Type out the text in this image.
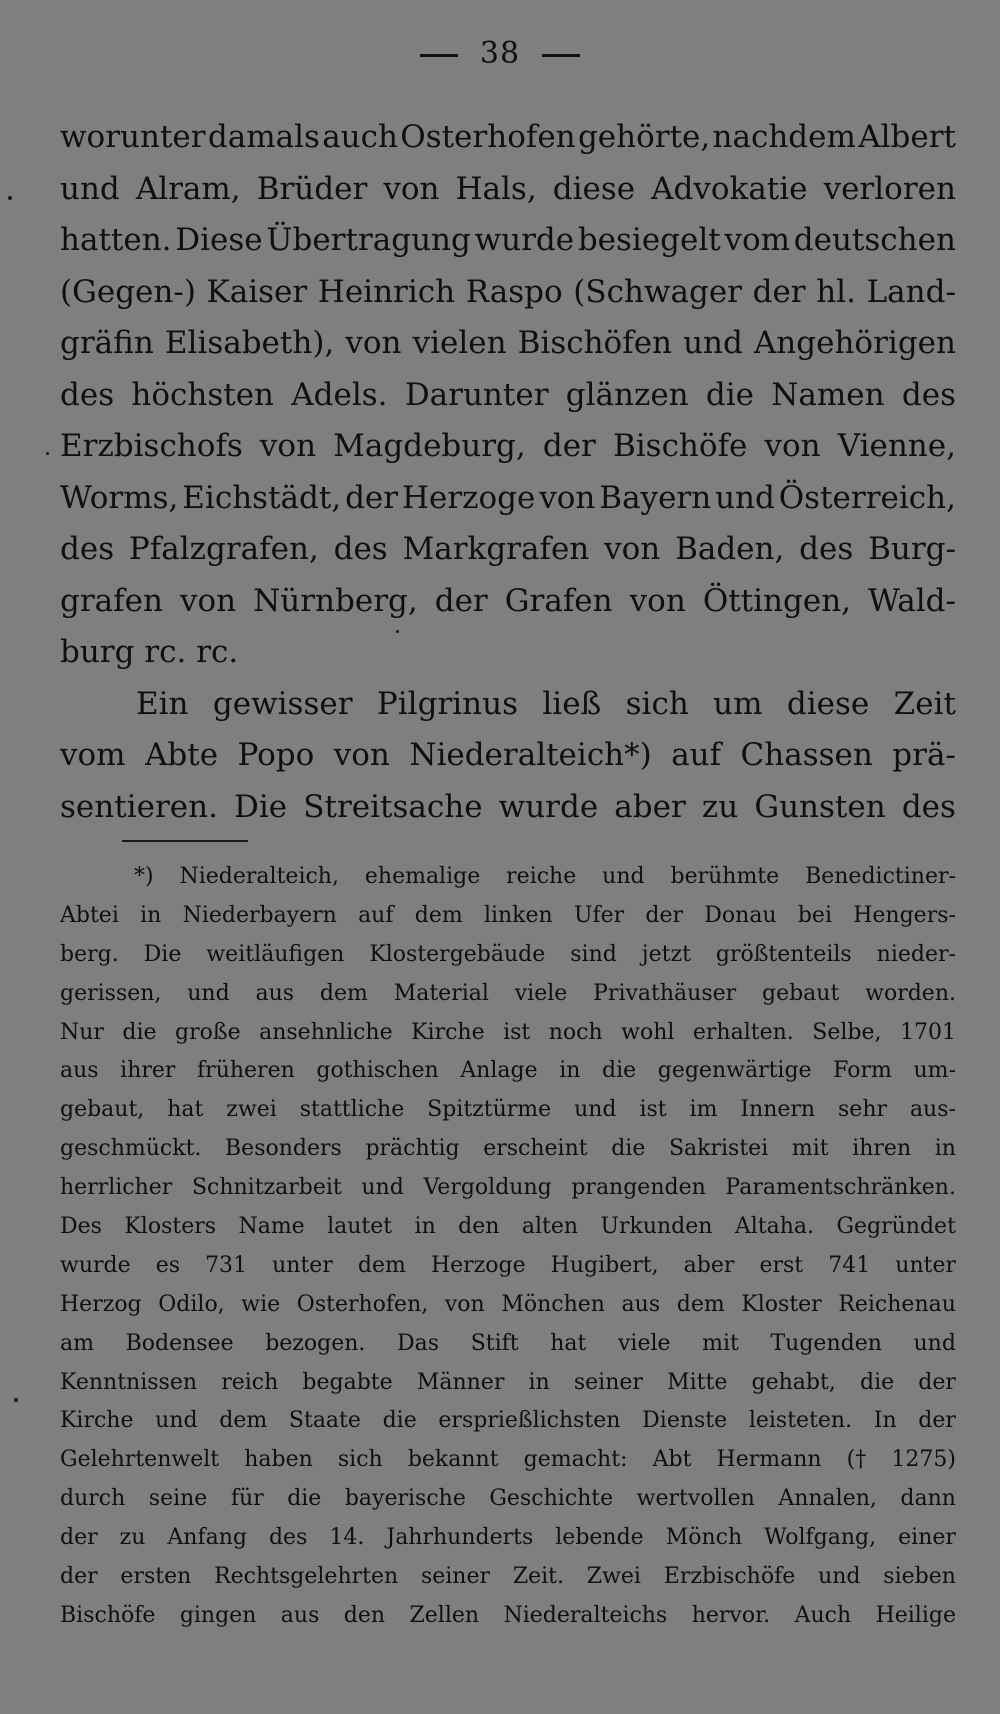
38
worunter damals auch Osterhofen gehörte, nachdem Albert
und Alram, Brüder von Hals, diese Advokatie verloren
hatten. Diese Übertragung wurde besiegelt vom deutschen
(Gegen-) Kaiser Heinrich Raspo (Schwager der hl. Land-
gräfin Elisabeth), von vielen Bischöfen und Angehörigen
des höchsten Adels. Darunter glänzen die Namen des
Erzbischofs von Magdeburg, der Bischöfe von Vienne,
Worms, Eichstädt, der Herzoge von Bayern und Österreich,
des Pfalzgrafen, des Markgrafen von Baden, des Burg-
grafen von Nürnberg, der Grafen von Öttingen, Wald-
burg rc. rc.
Ein gewisser Pilgrinus ließ sich um diese Zeit
vom Abte Popo von Niederalteich*) auf Chassen prä-
sentieren. Die Streitsache wurde aber zu Gunsten des
*) Niederalteich, ehemalige reiche und berühmte Benedictiner-
Abtei in Niederbayern auf dem linken Ufer der Donau bei Hengers-
berg. Die weitläufigen Klostergebäude sind jetzt größtenteils nieder-
gerissen, und aus dem Material viele Privathäuser gebaut worden.
Nur die große ansehnliche Kirche ist noch wohl erhalten. Selbe, 1701
aus ihrer früheren gothischen Anlage in die gegenwärtige Form um-
gebaut, hat zwei stattliche Spitztürme und ist im Innern sehr aus-
geschmückt. Besonders prächtig erscheint die Sakristei mit ihren in
herrlicher Schnitzarbeit und Vergoldung prangenden Paramentschränken.
Des Klosters Name lautet in den alten Urkunden Altaha. Gegründet
wurde es 731 unter dem Herzoge Hugibert, aber erst 741 unter
Herzog Odilo, wie Osterhofen, von Mönchen aus dem Kloster Reichenau
am Bodensee bezogen. Das Stift hat viele mit Tugenden und
Kenntnissen reich begabte Männer in seiner Mitte gehabt, die der
Kirche und dem Staate die ersprießlichsten Dienste leisteten. In der
Gelehrtenwelt haben sich bekannt gemacht: Abt Hermann († 1275)
durch seine für die bayerische Geschichte wertvollen Annalen, dann
der zu Anfang des 14. Jahrhunderts lebende Mönch Wolfgang, einer
der ersten Rechtsgelehrten seiner Zeit. Zwei Erzbischöfe und sieben
Bischöfe gingen aus den Zellen Niederalteichs hervor. Auch Heilige
